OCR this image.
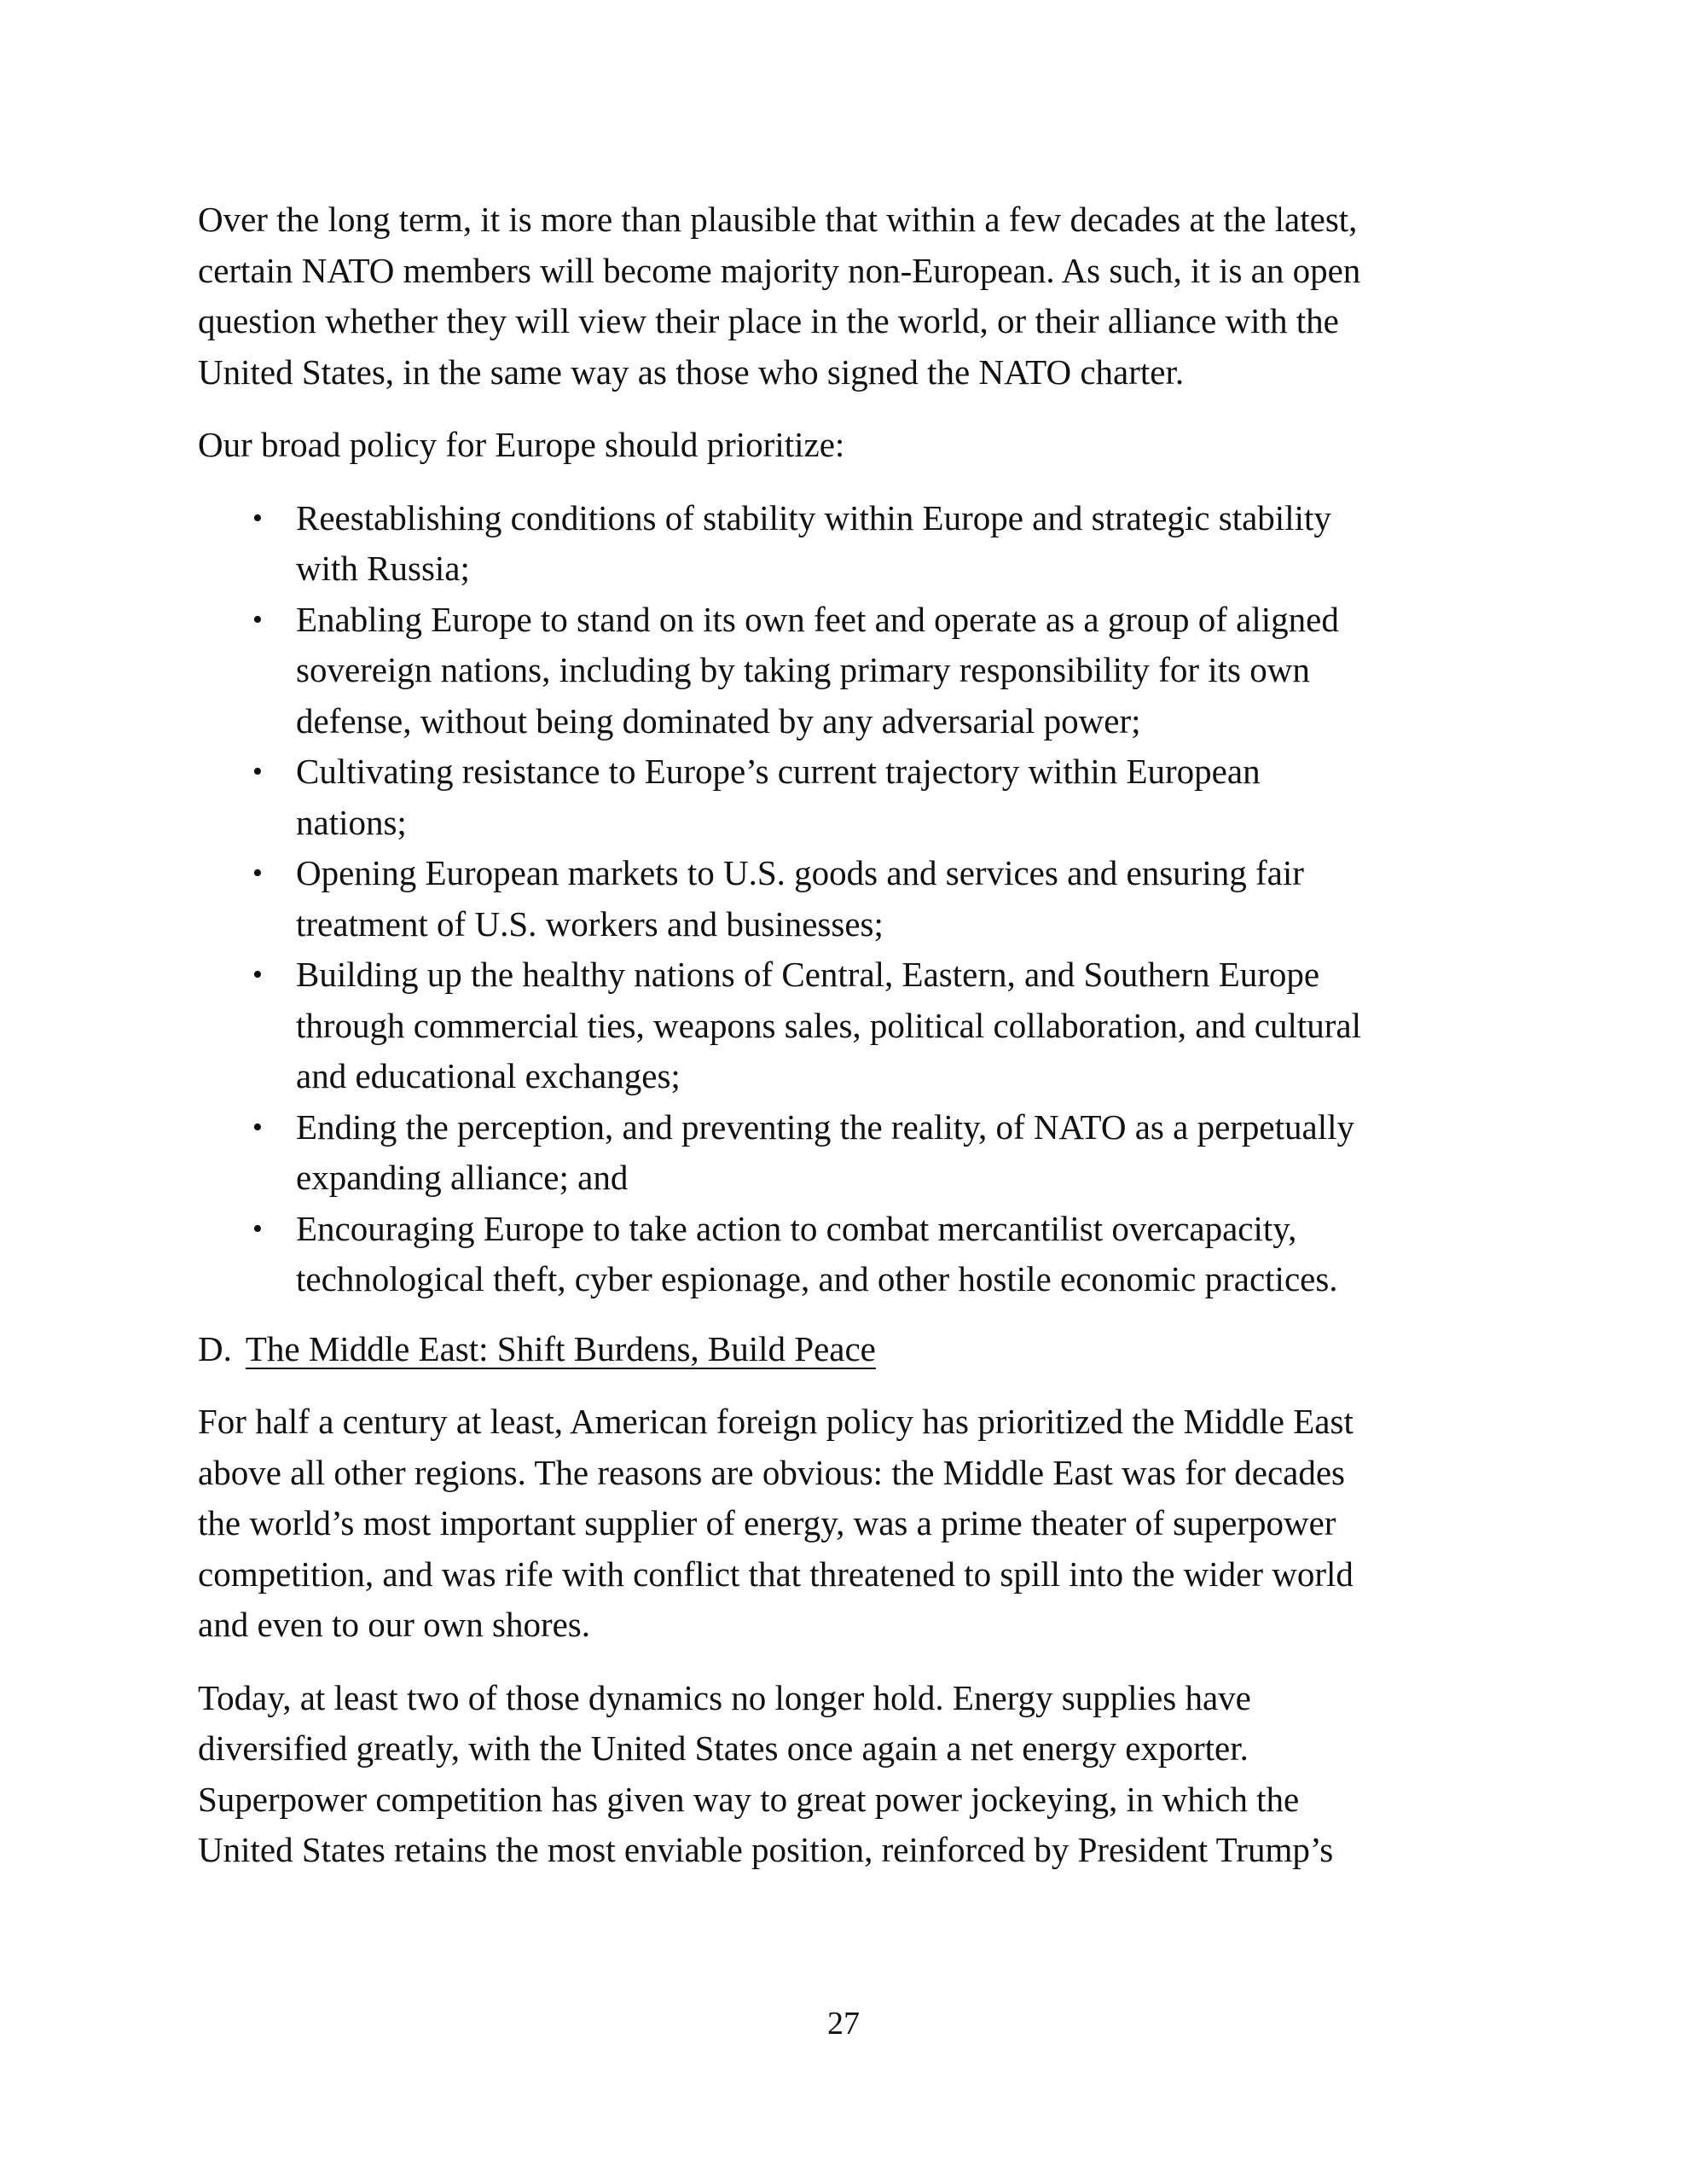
Over the long term, it is more than plausible that within a few decades at the latest,
certain NATO members will become majority non-European. As such, it is an open
question whether they will view their place in the world, or their alliance with the
United States, in the same way as those who signed the NATO charter.

Our broad policy for Europe should prioritize:

• Reestablishing conditions of stability within Europe and strategic stability
with Russia;
• Enabling Europe to stand on its own feet and operate as a group of aligned
sovereign nations, including by taking primary responsibility for its own
defense, without being dominated by any adversarial power;
• Cultivating resistance to Europe’s current trajectory within European
nations;
• Opening European markets to U.S. goods and services and ensuring fair
treatment of U.S. workers and businesses;
• Building up the healthy nations of Central, Eastern, and Southern Europe
through commercial ties, weapons sales, political collaboration, and cultural
and educational exchanges;
• Ending the perception, and preventing the reality, of NATO as a perpetually
expanding alliance; and
• Encouraging Europe to take action to combat mercantilist overcapacity,
technological theft, cyber espionage, and other hostile economic practices.
D. The Middle East: Shift Burdens, Build Peace

For half a century at least, American foreign policy has prioritized the Middle East
above all other regions. The reasons are obvious: the Middle East was for decades
the world’s most important supplier of energy, was a prime theater of superpower
competition, and was rife with conflict that threatened to spill into the wider world
and even to our own shores.

Today, at least two of those dynamics no longer hold. Energy supplies have
diversified greatly, with the United States once again a net energy exporter.
Superpower competition has given way to great power jockeying, in which the
United States retains the most enviable position, reinforced by President Trump’s

27
